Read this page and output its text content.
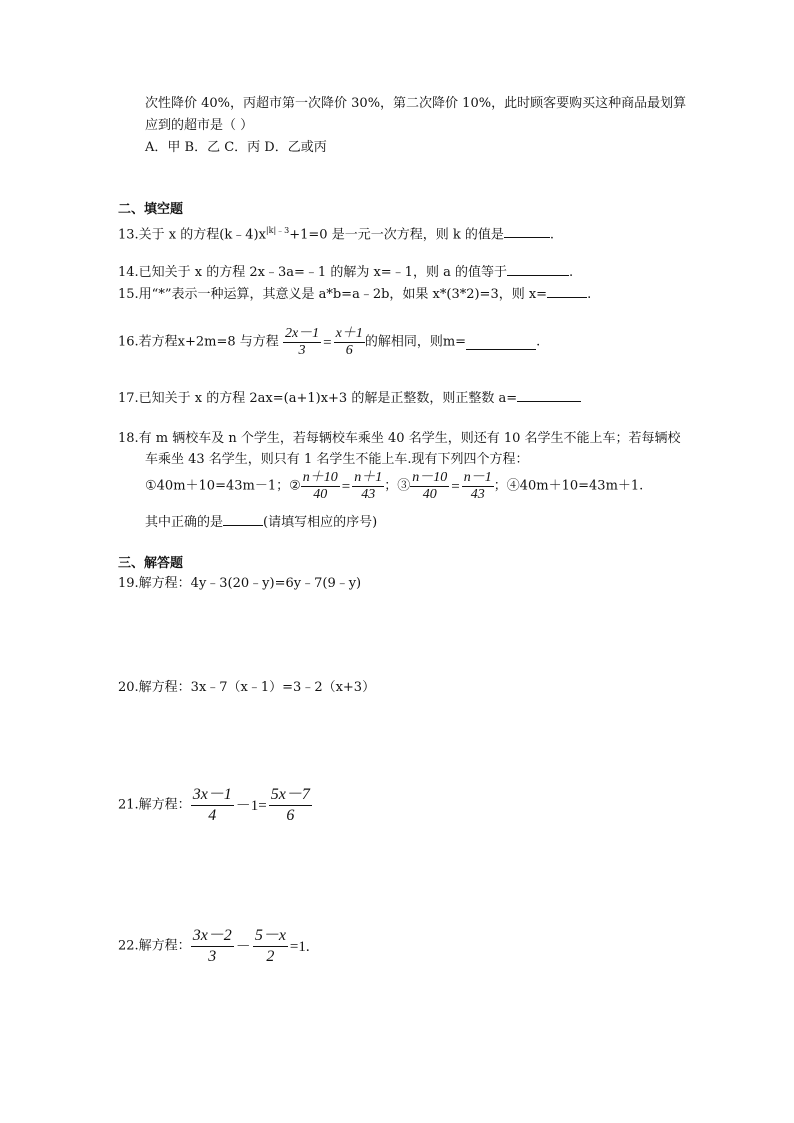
次性降价 40%，丙超市第一次降价 30%，第二次降价 10%，此时顾客要购买这种商品最划算
应到的超市是（ ）
A．甲 B．乙 C．丙 D．乙或丙
二、填空题
13.关于 x 的方程$(k﹣4)x^{|k|﹣3}+1=0$ 是一元一次方程，则 k 的值是	.
14.已知关于 x 的方程 2x﹣3a=﹣1 的解为 x=﹣1，则 a 的值等于	.
15.用“*”表示一种运算，其意义是 a*b=a﹣2b，如果 x*(3*2)=3，则 x=	.
16.若方程x+2m=8 与方程 $\frac{2x-1}{3} = \frac{x+1}{6}$ 的解相同，则m=	.
17.已知关于 x 的方程 2ax=(a+1)x+3 的解是正整数，则正整数 a=
18.有 m 辆校车及 n 个学生，若每辆校车乘坐 40 名学生，则还有 10 名学生不能上车；若每辆校
车乘坐 43 名学生，则只有 1 名学生不能上车.现有下列四个方程：
①40m＋10=43m－1；② $\frac{n+10}{40} = \frac{n+1}{43}$ ；③ $\frac{n-10}{40} = \frac{n-1}{43}$ ；④40m＋10=43m＋1.
其中正确的是	(请填写相应的序号)
三、解答题
19.解方程：4y﹣3(20﹣y)=6y﹣7(9﹣y)
20.解方程：3x﹣7（x﹣1）=3﹣2（x+3）
21.解方程： $\frac{3x-1}{4} -1= \frac{5x-7}{6}$
22.解方程： $\frac{3x-2}{3} - \frac{5-x}{2} =1$.
